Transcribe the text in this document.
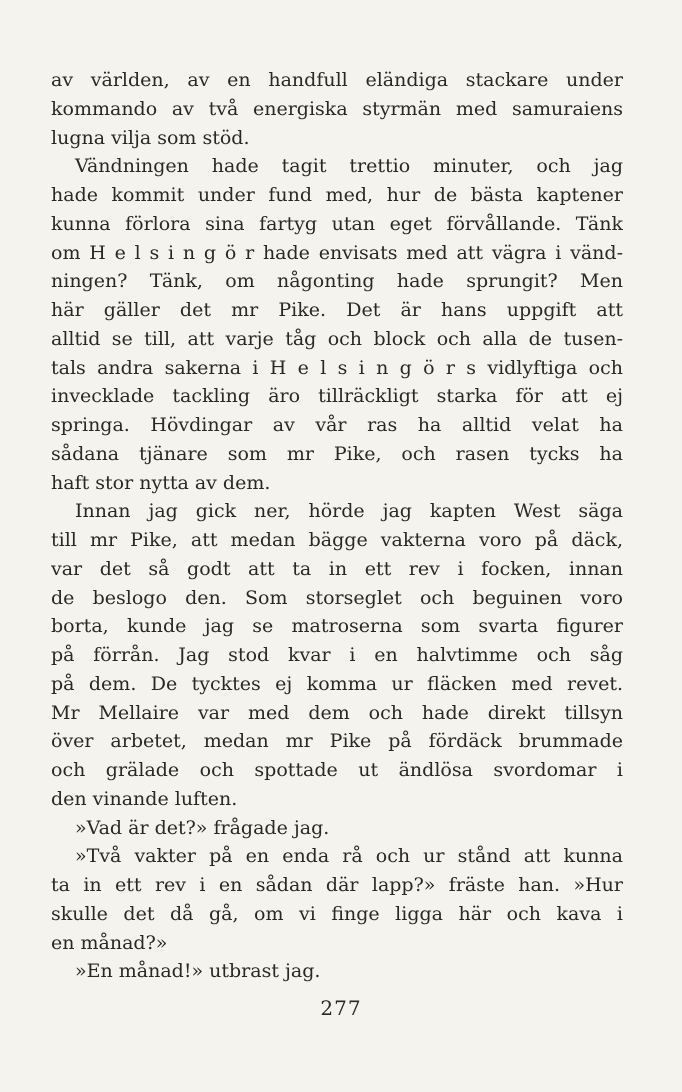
av världen, av en handfull eländiga stackare under
kommando av två energiska styrmän med samuraiens
lugna vilja som stöd.
Vändningen hade tagit trettio minuter, och jag
hade kommit under fund med, hur de bästa kaptener
kunna förlora sina fartyg utan eget förvållande. Tänk
om H e l s i n g ö r hade envisats med att vägra i vänd-
ningen? Tänk, om någonting hade sprungit? Men
här gäller det mr Pike. Det är hans uppgift att
alltid se till, att varje tåg och block och alla de tusen-
tals andra sakerna i H e l s i n g ö r s vidlyftiga och
invecklade tackling äro tillräckligt starka för att ej
springa. Hövdingar av vår ras ha alltid velat ha
sådana tjänare som mr Pike, och rasen tycks ha
haft stor nytta av dem.
Innan jag gick ner, hörde jag kapten West säga
till mr Pike, att medan bägge vakterna voro på däck,
var det så godt att ta in ett rev i focken, innan
de beslogo den. Som storseglet och beguinen voro
borta, kunde jag se matroserna som svarta figurer
på förrån. Jag stod kvar i en halvtimme och såg
på dem. De tycktes ej komma ur fläcken med revet.
Mr Mellaire var med dem och hade direkt tillsyn
över arbetet, medan mr Pike på fördäck brummade
och grälade och spottade ut ändlösa svordomar i
den vinande luften.
»Vad är det?» frågade jag.
»Två vakter på en enda rå och ur stånd att kunna
ta in ett rev i en sådan där lapp?» fräste han. »Hur
skulle det då gå, om vi finge ligga här och kava i
en månad?»
»En månad!» utbrast jag.
277
